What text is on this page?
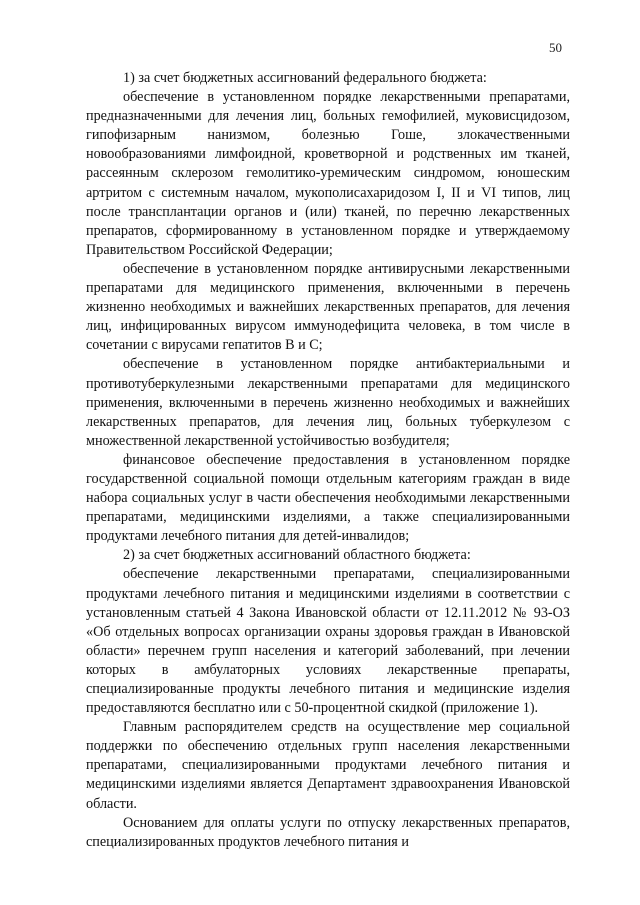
50

1) за счет бюджетных ассигнований федерального бюджета:

обеспечение в установленном порядке лекарственными препаратами, предназначенными для лечения лиц, больных гемофилией, муковисцидозом, гипофизарным нанизмом, болезнью Гоше, злокачественными новообразованиями лимфоидной, кроветворной и родственных им тканей, рассеянным склерозом гемолитико-уремическим синдромом, юношеским артритом с системным началом, мукополисахаридозом I, II и VI типов, лиц после трансплантации органов и (или) тканей, по перечню лекарственных препаратов, сформированному в установленном порядке и утверждаемому Правительством Российской Федерации;

обеспечение в установленном порядке антивирусными лекарственными препаратами для медицинского применения, включенными в перечень жизненно необходимых и важнейших лекарственных препаратов, для лечения лиц, инфицированных вирусом иммунодефицита человека, в том числе в сочетании с вирусами гепатитов В и С;

обеспечение в установленном порядке антибактериальными и противотуберкулезными лекарственными препаратами для медицинского применения, включенными в перечень жизненно необходимых и важнейших лекарственных препаратов, для лечения лиц, больных туберкулезом с множественной лекарственной устойчивостью возбудителя;

финансовое обеспечение предоставления в установленном порядке государственной социальной помощи отдельным категориям граждан в виде набора социальных услуг в части обеспечения необходимыми лекарственными препаратами, медицинскими изделиями, а также специализированными продуктами лечебного питания для детей-инвалидов;

2) за счет бюджетных ассигнований областного бюджета:

обеспечение лекарственными препаратами, специализированными продуктами лечебного питания и медицинскими изделиями в соответствии с установленным статьей 4 Закона Ивановской области от 12.11.2012 № 93-ОЗ «Об отдельных вопросах организации охраны здоровья граждан в Ивановской области» перечнем групп населения и категорий заболеваний, при лечении которых в амбулаторных условиях лекарственные препараты, специализированные продукты лечебного питания и медицинские изделия предоставляются бесплатно или с 50-процентной скидкой (приложение 1).

Главным распорядителем средств на осуществление мер социальной поддержки по обеспечению отдельных групп населения лекарственными препаратами, специализированными продуктами лечебного питания и медицинскими изделиями является Департамент здравоохранения Ивановской области.

Основанием для оплаты услуги по отпуску лекарственных препаратов, специализированных продуктов лечебного питания и
